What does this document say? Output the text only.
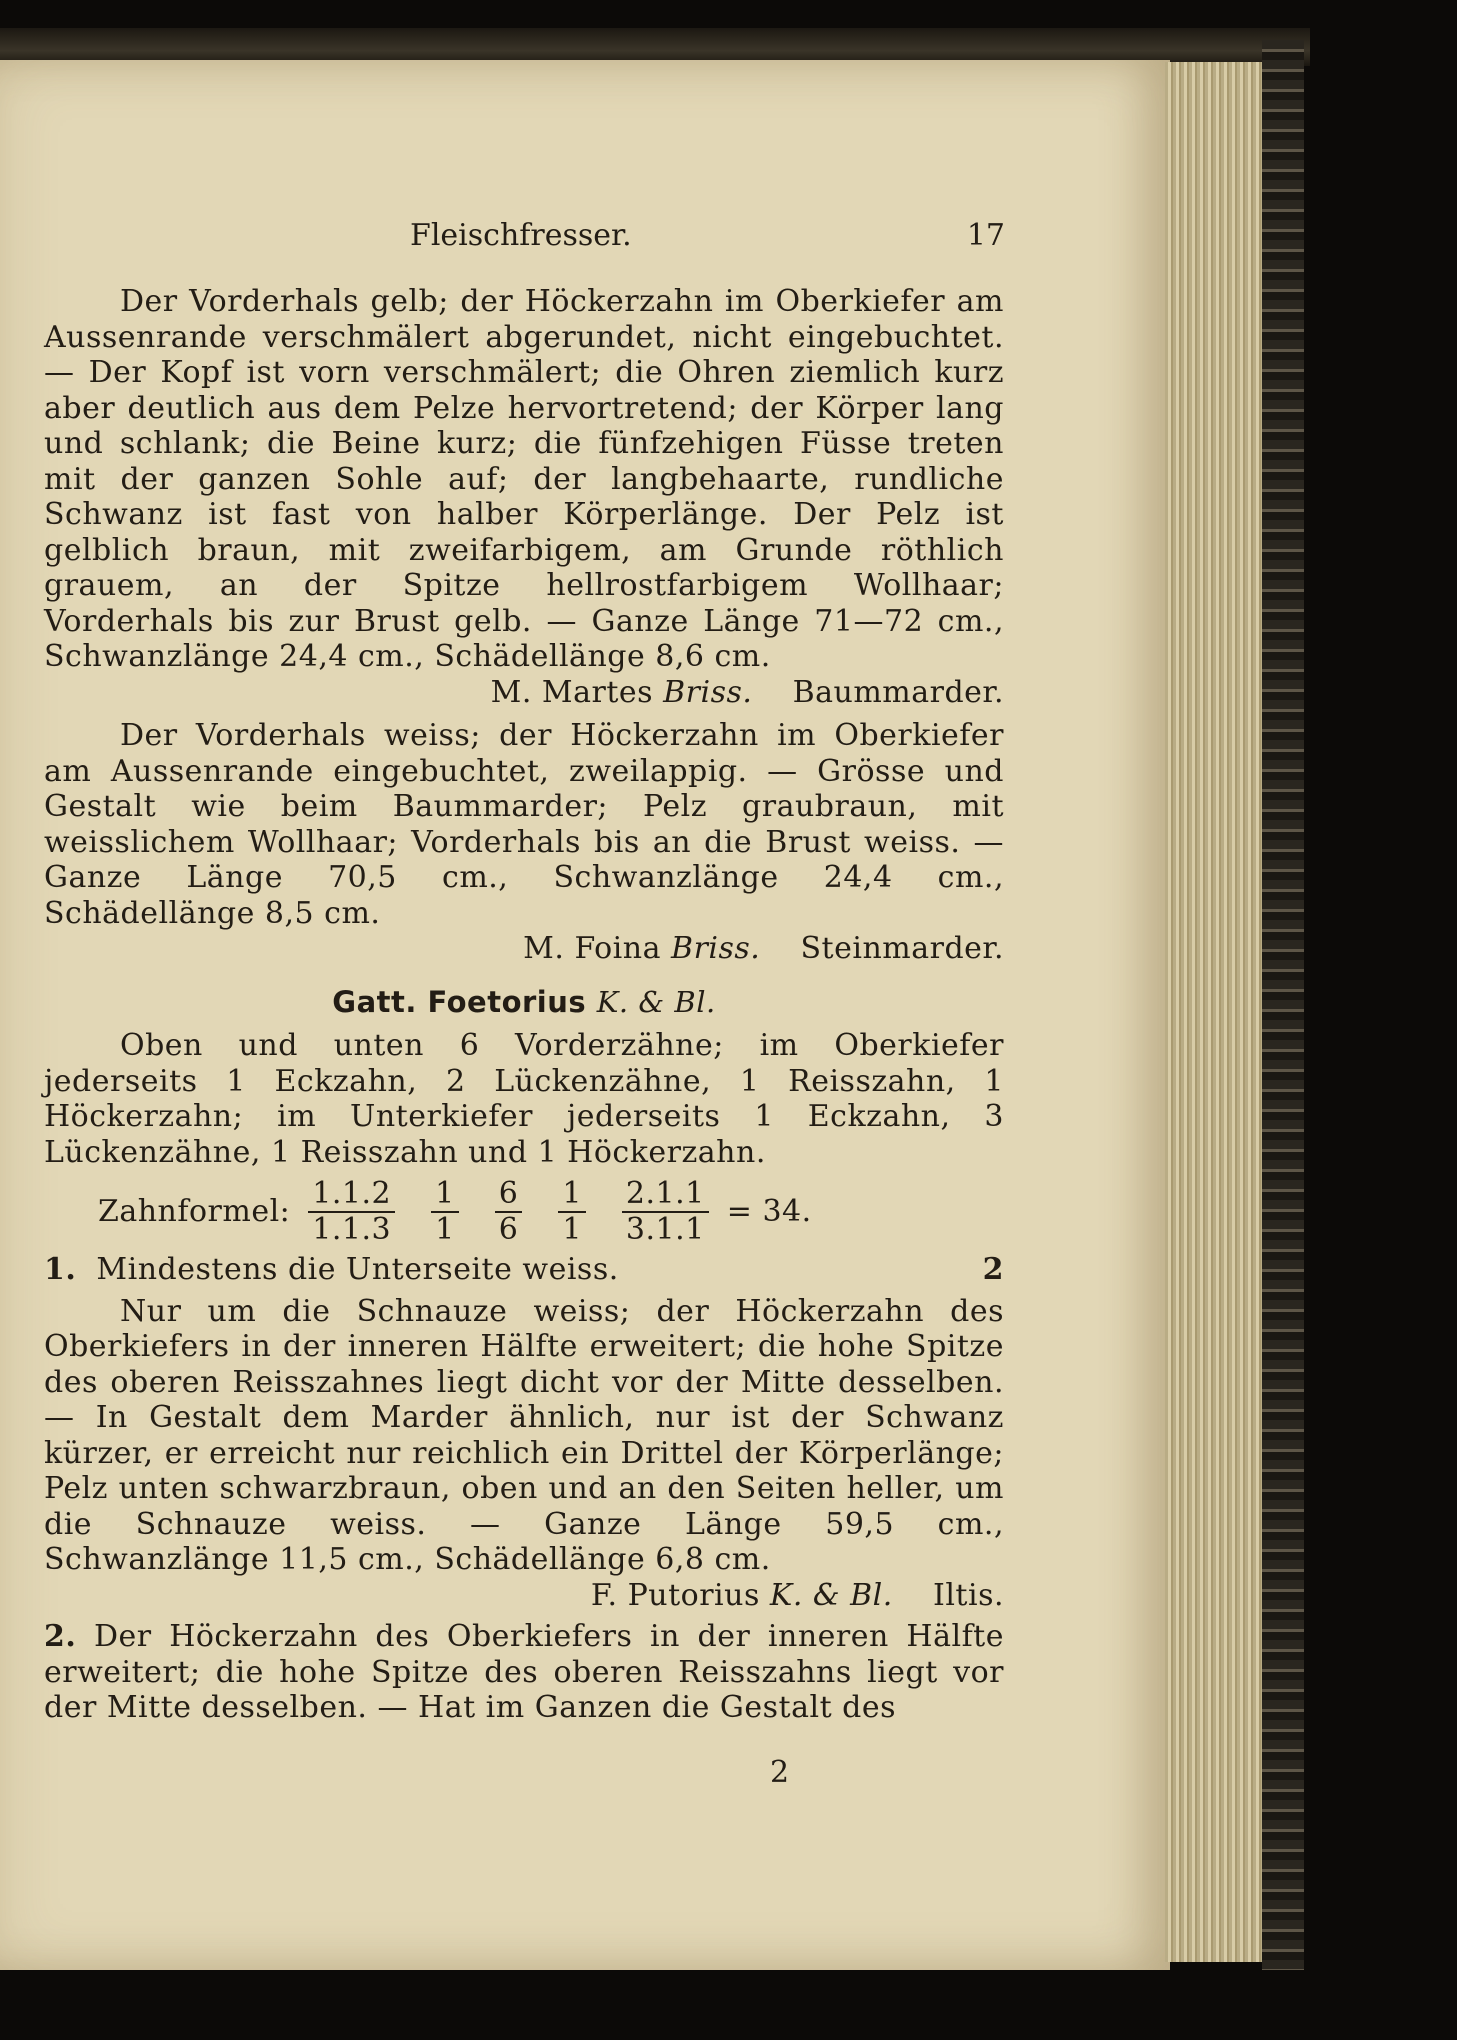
Fleischfresser.	17

Der Vorderhals gelb; der Höckerzahn im Oberkiefer am Aussenrande verschmälert abgerundet, nicht eingebuchtet. — Der Kopf ist vorn verschmälert; die Ohren ziemlich kurz aber deutlich aus dem Pelze hervortretend; der Körper lang und schlank; die Beine kurz; die fünfzehigen Füsse treten mit der ganzen Sohle auf; der langbehaarte, rundliche Schwanz ist fast von halber Körperlänge. Der Pelz ist gelblich braun, mit zweifarbigem, am Grunde röthlich grauem, an der Spitze hellrostfarbigem Wollhaar; Vorderhals bis zur Brust gelb. — Ganze Länge 71—72 cm., Schwanzlänge 24,4 cm., Schädellänge 8,6 cm.

M. Martes Briss. Baummarder.

Der Vorderhals weiss; der Höckerzahn im Oberkiefer am Aussenrande eingebuchtet, zweilappig. — Grösse und Gestalt wie beim Baummarder; Pelz graubraun, mit weisslichem Wollhaar; Vorderhals bis an die Brust weiss. — Ganze Länge 70,5 cm., Schwanzlänge 24,4 cm., Schädellänge 8,5 cm.

M. Foina Briss. Steinmarder.

Gatt. Foetorius K. & Bl.

Oben und unten 6 Vorderzähne; im Oberkiefer jederseits 1 Eckzahn, 2 Lückenzähne, 1 Reisszahn, 1 Höckerzahn; im Unterkiefer jederseits 1 Eckzahn, 3 Lückenzähne, 1 Reisszahn und 1 Höckerzahn.

Zahnformel: $\frac{1.1.2}{1.1.3} \frac{1}{1} \frac{6}{6} \frac{1}{1} \frac{2.1.1}{3.1.1} = 34$.

1. Mindestens die Unterseite weiss.	2

Nur um die Schnauze weiss; der Höckerzahn des Oberkiefers in der inneren Hälfte erweitert; die hohe Spitze des oberen Reisszahnes liegt dicht vor der Mitte desselben. — In Gestalt dem Marder ähnlich, nur ist der Schwanz kürzer, er erreicht nur reichlich ein Drittel der Körperlänge; Pelz unten schwarzbraun, oben und an den Seiten heller, um die Schnauze weiss. — Ganze Länge 59,5 cm., Schwanzlänge 11,5 cm., Schädellänge 6,8 cm.

F. Putorius K. & Bl. Iltis.

2. Der Höckerzahn des Oberkiefers in der inneren Hälfte erweitert; die hohe Spitze des oberen Reisszahns liegt vor der Mitte desselben. — Hat im Ganzen die Gestalt des

2
